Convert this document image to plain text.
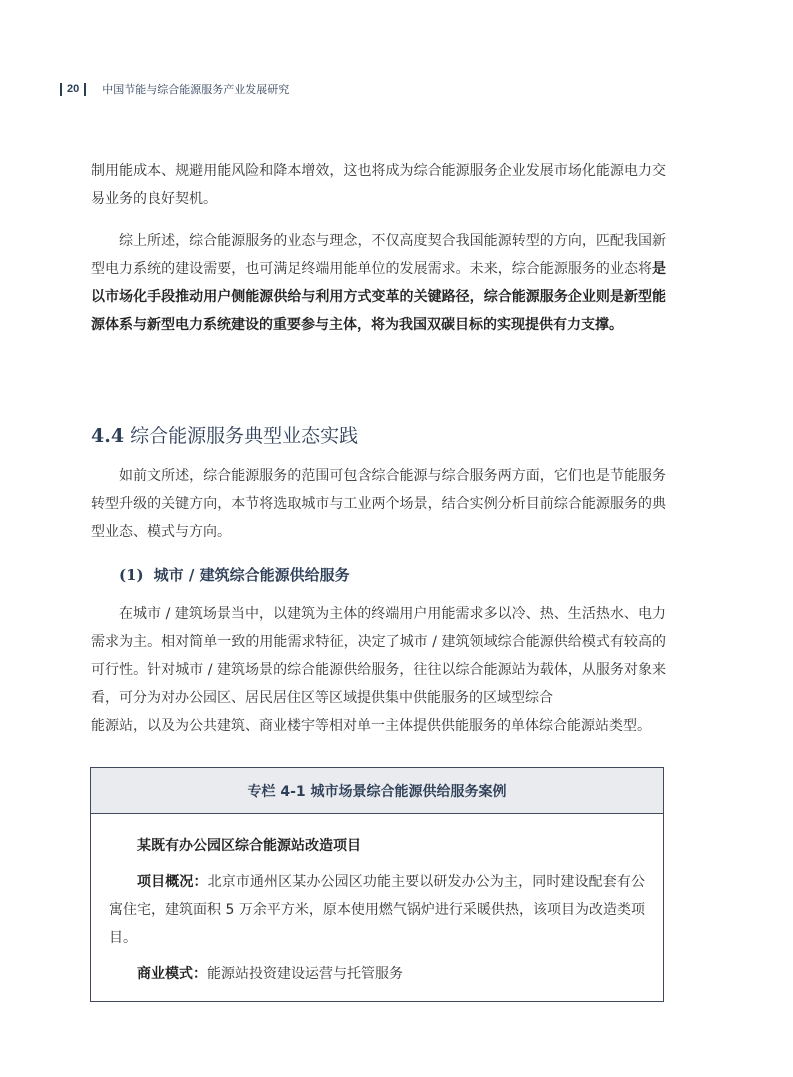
20 中国节能与综合能源服务产业发展研究

制用能成本、规避用能风险和降本增效，这也将成为综合能源服务企业发展市场化能源电力交易业务的良好契机。

综上所述，综合能源服务的业态与理念，不仅高度契合我国能源转型的方向，匹配我国新型电力系统的建设需要，也可满足终端用能单位的发展需求。未来，综合能源服务的业态将是以市场化手段推动用户侧能源供给与利用方式变革的关键路径，综合能源服务企业则是新型能源体系与新型电力系统建设的重要参与主体，将为我国双碳目标的实现提供有力支撑。

4.4 综合能源服务典型业态实践

如前文所述，综合能源服务的范围可包含综合能源与综合服务两方面，它们也是节能服务转型升级的关键方向，本节将选取城市与工业两个场景，结合实例分析目前综合能源服务的典型业态、模式与方向。

(1) 城市 / 建筑综合能源供给服务
在城市 / 建筑场景当中，以建筑为主体的终端用户用能需求多以冷、热、生活热水、电力需求为主。相对简单一致的用能需求特征，决定了城市 / 建筑领域综合能源供给模式有较高的可行性。针对城市 / 建筑场景的综合能源供给服务，往往以综合能源站为载体，从服务对象来看，可分为对办公园区、居民居住区等区域提供集中供能服务的区域型综合
能源站，以及为公共建筑、商业楼宇等相对单一主体提供供能服务的单体综合能源站类型。
专栏 4-1 城市场景综合能源供给服务案例
某既有办公园区综合能源站改造项目

项目概况：北京市通州区某办公园区功能主要以研发办公为主，同时建设配套有公寓住宅，建筑面积 5 万余平方米，原本使用燃气锅炉进行采暖供热，该项目为改造类项目。

商业模式：能源站投资建设运营与托管服务
